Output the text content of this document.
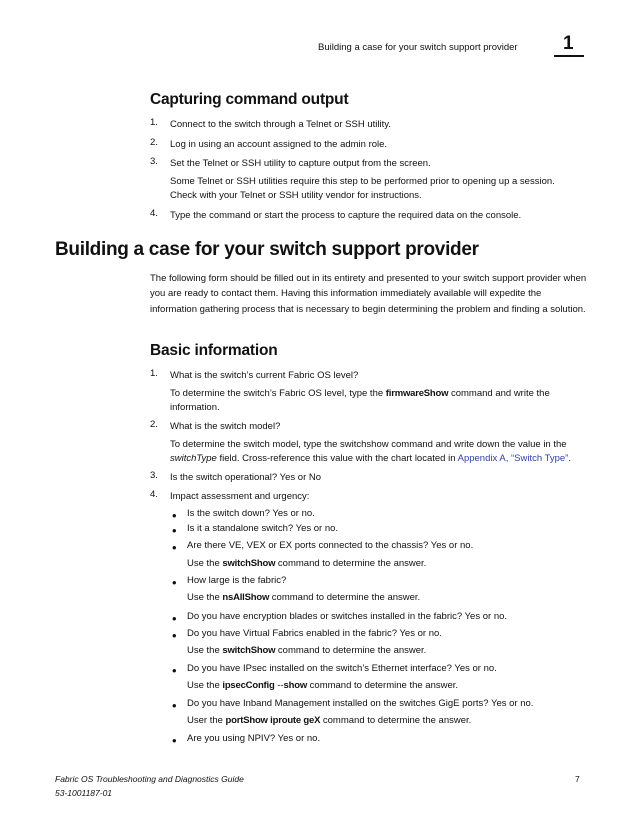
Building a case for your switch support provider 1
Capturing command output
1. Connect to the switch through a Telnet or SSH utility.
2. Log in using an account assigned to the admin role.
3. Set the Telnet or SSH utility to capture output from the screen.
Some Telnet or SSH utilities require this step to be performed prior to opening up a session.
Check with your Telnet or SSH utility vendor for instructions.
4. Type the command or start the process to capture the required data on the console.
Building a case for your switch support provider
The following form should be filled out in its entirety and presented to your switch support provider when you are ready to contact them. Having this information immediately available will expedite the information gathering process that is necessary to begin determining the problem and finding a solution.
Basic information
1. What is the switch’s current Fabric OS level?
To determine the switch’s Fabric OS level, type the firmwareShow command and write the
information.
2. What is the switch model?
To determine the switch model, type the switchshow command and write down the value in the
switchType field. Cross-reference this value with the chart located in Appendix A, “Switch Type”.
3. Is the switch operational? Yes or No
4. Impact assessment and urgency:
• Is the switch down? Yes or no.
• Is it a standalone switch? Yes or no.
• Are there VE, VEX or EX ports connected to the chassis? Yes or no.
Use the switchShow command to determine the answer.
• How large is the fabric?
Use the nsAllShow command to determine the answer.
• Do you have encryption blades or switches installed in the fabric? Yes or no.
• Do you have Virtual Fabrics enabled in the fabric? Yes or no.
Use the switchShow command to determine the answer.
• Do you have IPsec installed on the switch’s Ethernet interface? Yes or no.
Use the ipsecConfig --show command to determine the answer.
• Do you have Inband Management installed on the switches GigE ports? Yes or no.
User the portShow iproute geX command to determine the answer.
• Are you using NPIV? Yes or no.
Fabric OS Troubleshooting and Diagnostics Guide
53-1001187-01
7
